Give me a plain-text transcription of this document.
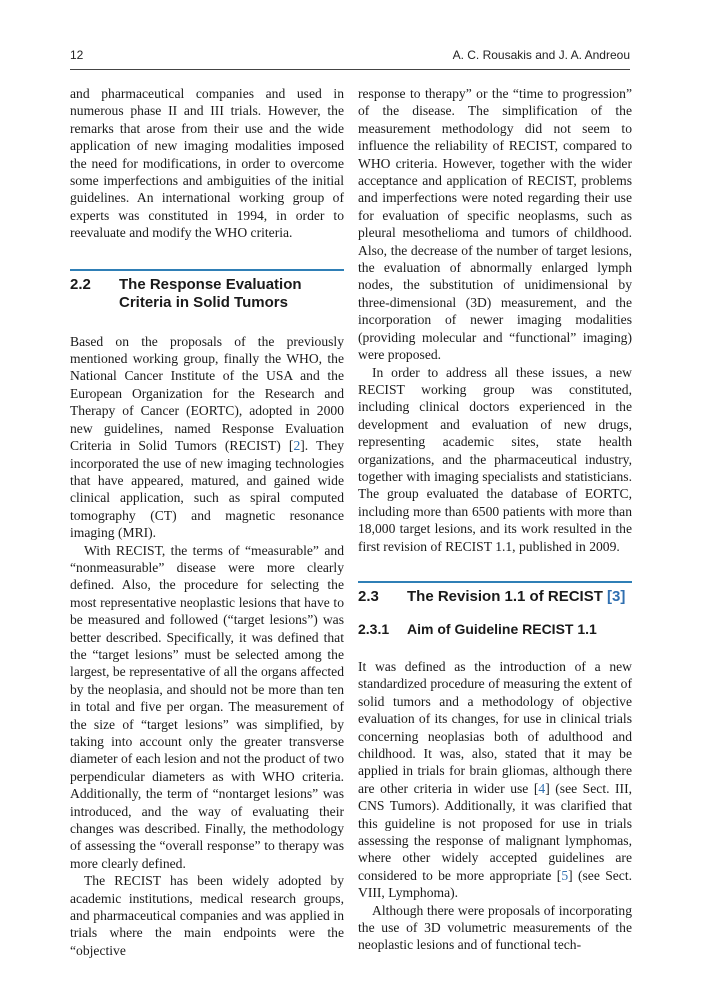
12	A. C. Rousakis and J. A. Andreou

and pharmaceutical companies and used in numerous phase II and III trials. However, the remarks that arose from their use and the wide application of new imaging modalities imposed the need for modifications, in order to overcome some imperfections and ambiguities of the initial guidelines. An international working group of experts was constituted in 1994, in order to reevaluate and modify the WHO criteria.

2.2	The Response Evaluation Criteria in Solid Tumors

Based on the proposals of the previously mentioned working group, finally the WHO, the National Cancer Institute of the USA and the European Organization for the Research and Therapy of Cancer (EORTC), adopted in 2000 new guidelines, named Response Evaluation Criteria in Solid Tumors (RECIST) [2]. They incorporated the use of new imaging technologies that have appeared, matured, and gained wide clinical application, such as spiral computed tomography (CT) and magnetic resonance imaging (MRI).

With RECIST, the terms of “measurable” and “nonmeasurable” disease were more clearly defined. Also, the procedure for selecting the most representative neoplastic lesions that have to be measured and followed (“target lesions”) was better described. Specifically, it was defined that the “target lesions” must be selected among the largest, be representative of all the organs affected by the neoplasia, and should not be more than ten in total and five per organ. The measurement of the size of “target lesions” was simplified, by taking into account only the greater transverse diameter of each lesion and not the product of two perpendicular diameters as with WHO criteria. Additionally, the term of “nontarget lesions” was introduced, and the way of evaluating their changes was described. Finally, the methodology of assessing the “overall response” to therapy was more clearly defined.

The RECIST has been widely adopted by academic institutions, medical research groups, and pharmaceutical companies and was applied in trials where the main endpoints were the “objective

response to therapy” or the “time to progression” of the disease. The simplification of the measurement methodology did not seem to influence the reliability of RECIST, compared to WHO criteria. However, together with the wider acceptance and application of RECIST, problems and imperfections were noted regarding their use for evaluation of specific neoplasms, such as pleural mesothelioma and tumors of childhood. Also, the decrease of the number of target lesions, the evaluation of abnormally enlarged lymph nodes, the substitution of unidimensional by three-dimensional (3D) measurement, and the incorporation of newer imaging modalities (providing molecular and “functional” imaging) were proposed.

In order to address all these issues, a new RECIST working group was constituted, including clinical doctors experienced in the development and evaluation of new drugs, representing academic sites, state health organizations, and the pharmaceutical industry, together with imaging specialists and statisticians. The group evaluated the database of EORTC, including more than 6500 patients with more than 18,000 target lesions, and its work resulted in the first revision of RECIST 1.1, published in 2009.

2.3	The Revision 1.1 of RECIST [3]
2.3.1	Aim of Guideline RECIST 1.1

It was defined as the introduction of a new standardized procedure of measuring the extent of solid tumors and a methodology of objective evaluation of its changes, for use in clinical trials concerning neoplasias both of adulthood and childhood. It was, also, stated that it may be applied in trials for brain gliomas, although there are other criteria in wider use [4] (see Sect. III, CNS Tumors). Additionally, it was clarified that this guideline is not proposed for use in trials assessing the response of malignant lymphomas, where other widely accepted guidelines are considered to be more appropriate [5] (see Sect. VIII, Lymphoma).

Although there were proposals of incorporating the use of 3D volumetric measurements of the neoplastic lesions and of functional tech-
